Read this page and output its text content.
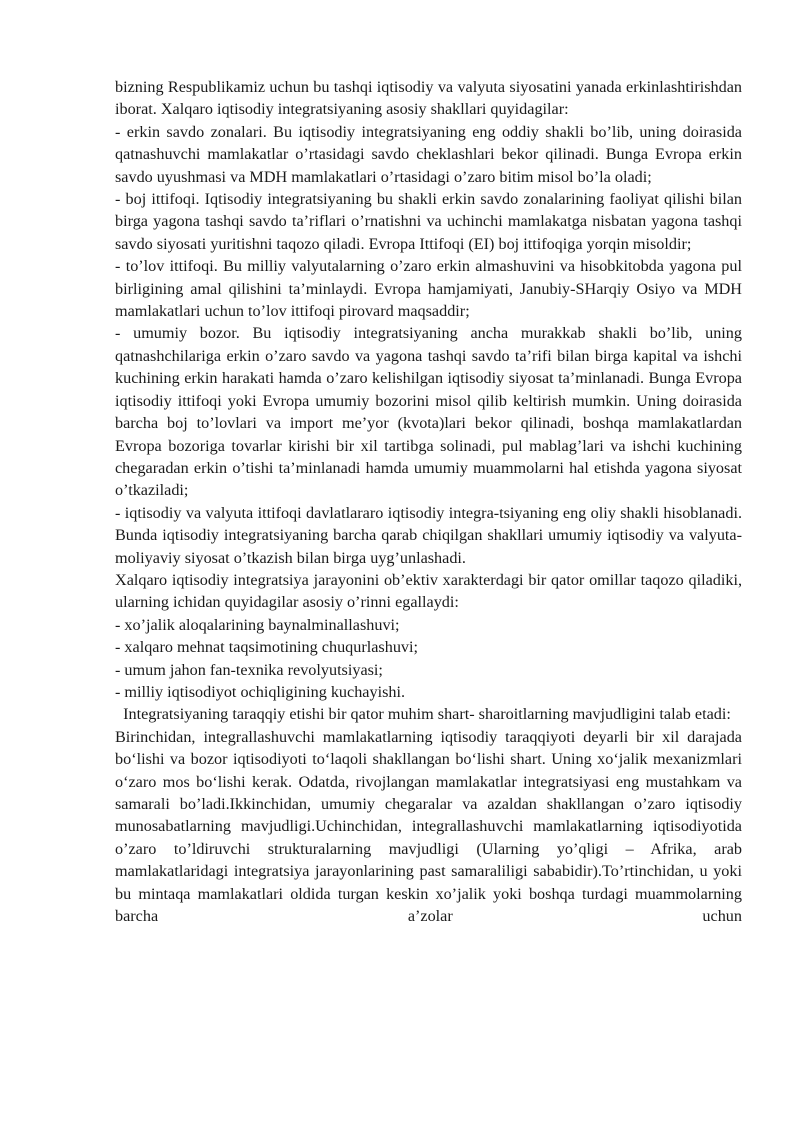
bizning Respublikamiz uchun bu tashqi iqtisodiy va valyuta siyosatini yanada erkinlashtirishdan iborat. Xalqaro iqtisodiy integratsiyaning asosiy shakllari quyidagilar:

- erkin savdo zonalari. Bu iqtisodiy integratsiyaning eng oddiy shakli bo’lib, uning doirasida qatnashuvchi mamlakatlar o’rtasidagi savdo cheklashlari bekor qilinadi. Bunga Evropa erkin savdo uyushmasi va MDH mamlakatlari o’rtasidagi o’zaro bitim misol bo’la oladi;

- boj ittifoqi. Iqtisodiy integratsiyaning bu shakli erkin savdo zonalarining faoliyat qilishi bilan birga yagona tashqi savdo ta’riflari o’rnatishni va uchinchi mamlakatga nisbatan yagona tashqi savdo siyosati yuritishni taqozo qiladi. Evropa Ittifoqi (EI) boj ittifoqiga yorqin misoldir;

- to’lov ittifoqi. Bu milliy valyutalarning o’zaro erkin almashuvini va hisobkitobda yagona pul birligining amal qilishini ta’minlaydi. Evropa hamjamiyati, Janubiy-SHarqiy Osiyo va MDH mamlakatlari uchun to’lov ittifoqi pirovard maqsaddir;

- umumiy bozor. Bu iqtisodiy integratsiyaning ancha murakkab shakli bo’lib, uning qatnashchilariga erkin o’zaro savdo va yagona tashqi savdo ta’rifi bilan birga kapital va ishchi kuchining erkin harakati hamda o’zaro kelishilgan iqtisodiy siyosat ta’minlanadi. Bunga Evropa iqtisodiy ittifoqi yoki Evropa umumiy bozorini misol qilib keltirish mumkin. Uning doirasida barcha boj to’lovlari va import me’yor (kvota)lari bekor qilinadi, boshqa mamlakatlardan Evropa bozoriga tovarlar kirishi bir xil tartibga solinadi, pul mablag’lari va ishchi kuchining chegaradan erkin o’tishi ta’minlanadi hamda umumiy muammolarni hal etishda yagona siyosat o’tkaziladi;

- iqtisodiy va valyuta ittifoqi davlatlararo iqtisodiy integra-tsiyaning eng oliy shakli hisoblanadi. Bunda iqtisodiy integratsiyaning barcha qarab chiqilgan shakllari umumiy iqtisodiy va valyuta-moliyaviy siyosat o’tkazish bilan birga uyg’unlashadi.

Xalqaro iqtisodiy integratsiya jarayonini ob’ektiv xarakterdagi bir qator omillar taqozo qiladiki, ularning ichidan quyidagilar asosiy o’rinni egallaydi:

- xo’jalik aloqalarining baynalminallashuvi;

- xalqaro mehnat taqsimotining chuqurlashuvi;

- umum jahon fan-texnika revolyutsiyasi;

- milliy iqtisodiyot ochiqligining kuchayishi.

Integratsiyaning taraqqiy etishi bir qator muhim shart- sharoitlarning mavjudligini talab etadi:

Birinchidan, integrallashuvchi mamlakatlarning iqtisodiy taraqqiyoti deyarli bir xil darajada bo‘lishi va bozor iqtisodiyoti to‘laqoli shakllangan bo‘lishi shart. Uning xo‘jalik mexanizmlari o‘zaro mos bo‘lishi kerak. Odatda, rivojlangan mamlakatlar integratsiyasi eng mustahkam va samarali bo’ladi.Ikkinchidan, umumiy chegaralar va azaldan shakllangan o’zaro iqtisodiy munosabatlarning mavjudligi.Uchinchidan, integrallashuvchi mamlakatlarning iqtisodiyotida o’zaro to’ldiruvchi strukturalarning mavjudligi (Ularning yo’qligi – Afrika, arab mamlakatlaridagi integratsiya jarayonlarining past samaraliligi sababidir).To’rtinchidan, u yoki bu mintaqa mamlakatlari oldida turgan keskin xo’jalik yoki boshqa turdagi muammolarning barcha a’zolar uchun
